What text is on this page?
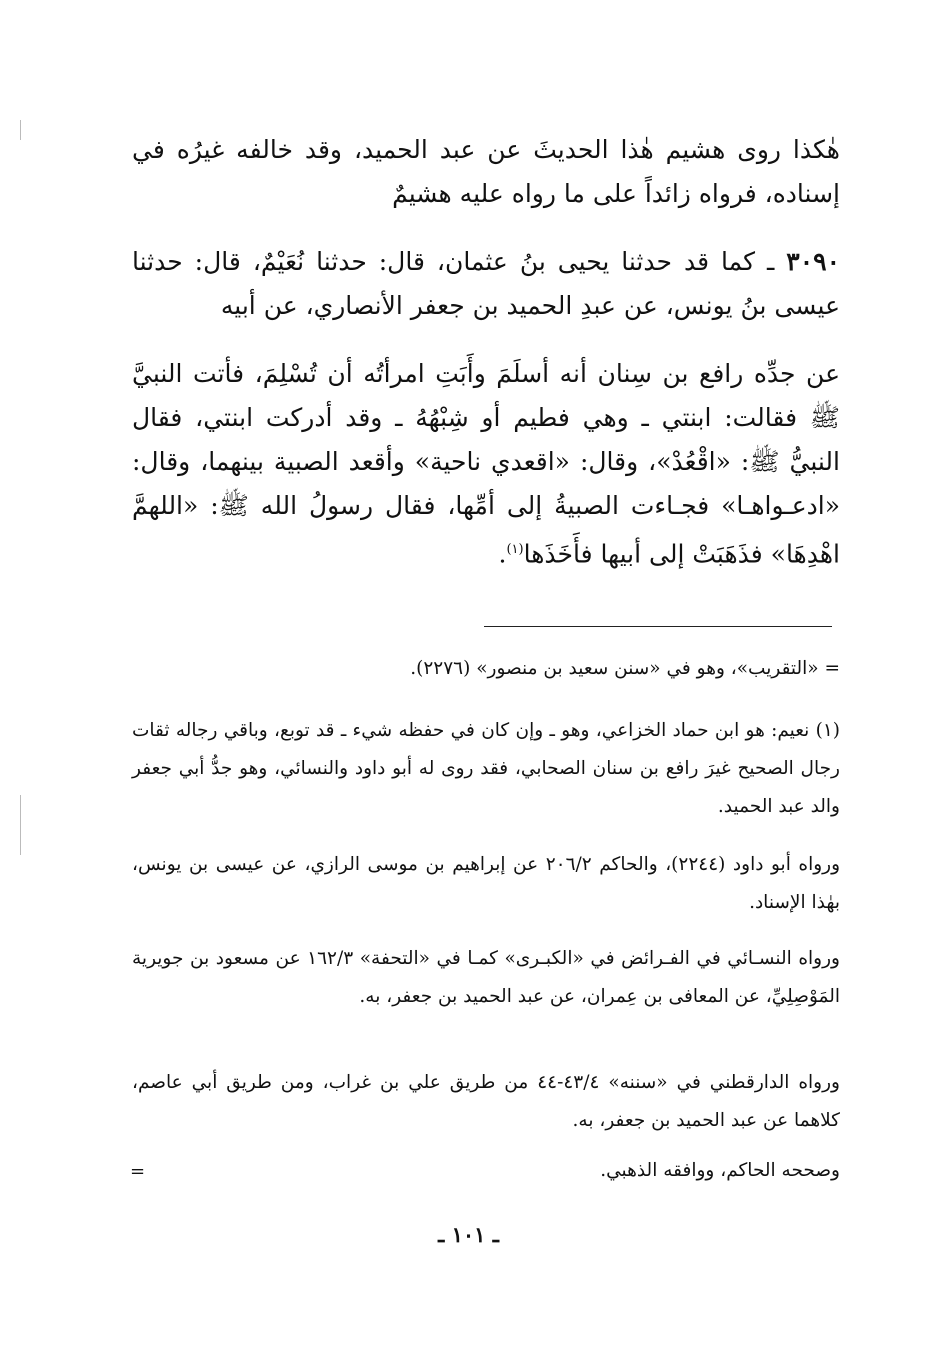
هٰكذا روى هشيم هٰذا الحديثَ عن عبد الحميد، وقد خالفه غيرُه في إسناده، فرواه زائداً على ما رواه عليه هشيمٌ

٣٠٩٠ ـ كما قد حدثنا يحيى بنُ عثمان، قال: حدثنا نُعَيْمٌ، قال: حدثنا عيسى بنُ يونس، عن عبدِ الحميد بن جعفر الأنصاري، عن أبيه

عن جدِّه رافع بن سِنان أنه أسلَمَ وأَبَتِ امرأتُه أن تُسْلِمَ، فأتت النبيَّ ﷺ فقالت: ابنتي ـ وهي فطيم أو شِبْهُهُ ـ وقد أدركت ابنتي، فقال النبيُّ ﷺ: «اقْعُدْ»، وقال: «اقعدي ناحية» وأقعد الصبية بينهما، وقال: «ادعـواهـا» فجـاءت الصبيةُ إلى أمِّها، فقال رسولُ الله ﷺ: «اللهمَّ اهْدِهَا» فذَهَبَتْ إلى أبيها فأَخَذَها$^{(١)}$.

= «التقريب»، وهو في «سنن سعيد بن منصور» (٢٢٧٦).

(١) نعيم: هو ابن حماد الخزاعي، وهو ـ وإن كان في حفظه شيء ـ قد توبع، وباقي رجاله ثقات رجال الصحيح غيرَ رافع بن سنان الصحابي، فقد روى له أبو داود والنسائي، وهو جدُّ أبي جعفر والد عبد الحميد.

ورواه أبو داود (٢٢٤٤)، والحاكم ٢٠٦/٢ عن إبراهيم بن موسى الرازي، عن عيسى بن يونس، بهٰذا الإسناد.

ورواه النسـائي في الفـرائض في «الكبـرى» كمـا في «التحفة» ١٦٢/٣ عن مسعود بن جويرية المَوْصِلِيِّ، عن المعافى بن عِمران، عن عبد الحميد بن جعفر، به.

ورواه الدارقطني في «سننه» ٤٣/٤-٤٤ من طريق علي بن غراب، ومن طريق أبي عاصم، كلاهما عن عبد الحميد بن جعفر، به.

وصححه الحاكم، ووافقه الذهبي.

=
ـ ١٠١ ـ
